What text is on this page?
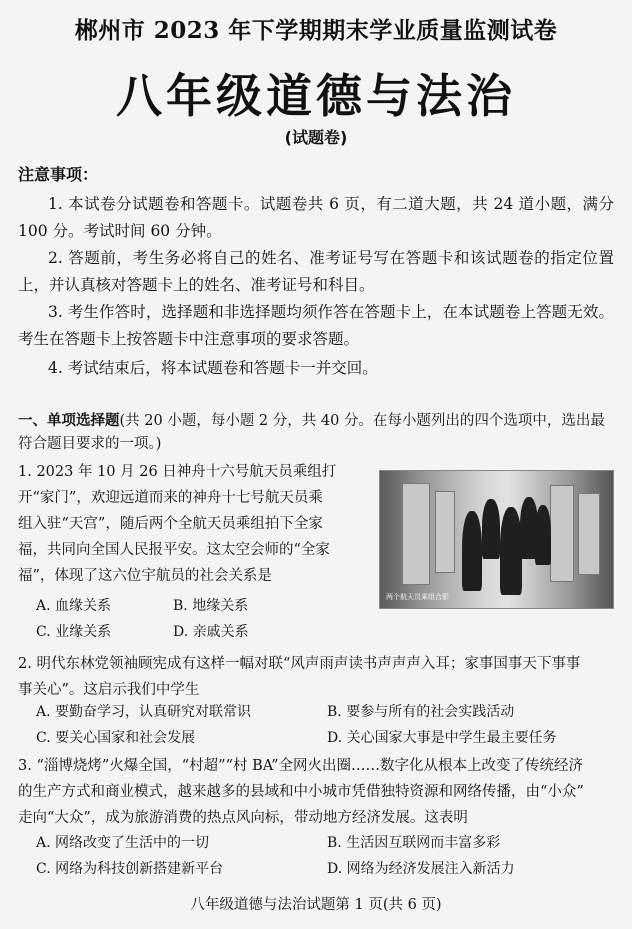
郴州市 2023 年下学期期末学业质量监测试卷
八年级道德与法治
(试题卷)
注意事项：
1. 本试卷分试题卷和答题卡。试题卷共 6 页，有二道大题，共 24 道小题，满分 100 分。考试时间 60 分钟。
2. 答题前，考生务必将自己的姓名、准考证号写在答题卡和该试题卷的指定位置上，并认真核对答题卡上的姓名、准考证号和科目。
3. 考生作答时，选择题和非选择题均须作答在答题卡上，在本试题卷上答题无效。考生在答题卡上按答题卡中注意事项的要求答题。
4. 考试结束后，将本试题卷和答题卡一并交回。
一、单项选择题(共 20 小题，每小题 2 分，共 40 分。在每小题列出的四个选项中，选出最符合题目要求的一项。)
1. 2023 年 10 月 26 日神舟十六号航天员乘组打
开“家门”，欢迎远道而来的神舟十七号航天员乘
组入驻“天宫”，随后两个全航天员乘组拍下全家
福，共同向全国人民报平安。这太空会师的“全家
福”，体现了这六位宇航员的社会关系是
A. 血缘关系	B. 地缘关系
C. 业缘关系	D. 亲戚关系
两个航天员乘组合影
2. 明代东林党领袖顾宪成有这样一幅对联“风声雨声读书声声声入耳；家事国事天下事事
事关心”。这启示我们中学生
A. 要勤奋学习，认真研究对联常识	B. 要参与所有的社会实践活动
C. 要关心国家和社会发展	D. 关心国家大事是中学生最主要任务
3. “淄博烧烤”火爆全国，“村超”“村 BA”全网火出圈……数字化从根本上改变了传统经济
的生产方式和商业模式，越来越多的县域和中小城市凭借独特资源和网络传播，由“小众”
走向“大众”，成为旅游消费的热点风向标，带动地方经济发展。这表明
A. 网络改变了生活中的一切	B. 生活因互联网而丰富多彩
C. 网络为科技创新搭建新平台	D. 网络为经济发展注入新活力
八年级道德与法治试题第 1 页(共 6 页)
